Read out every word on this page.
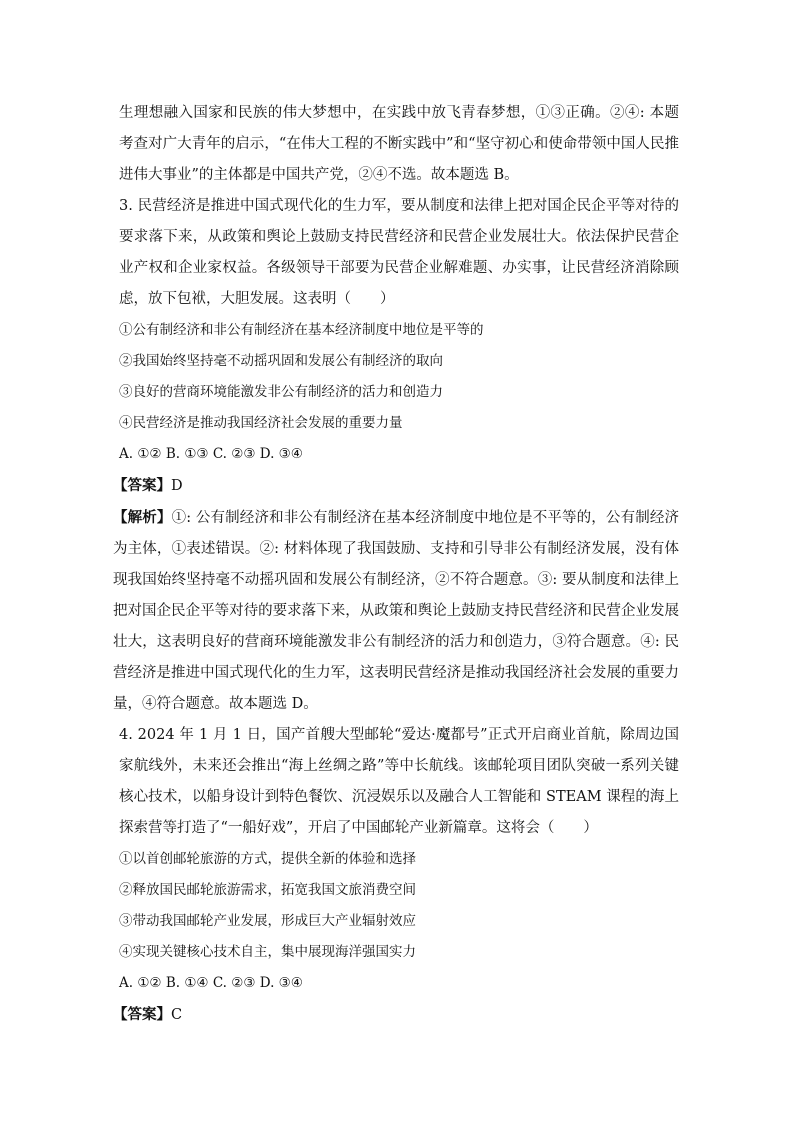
生理想融入国家和民族的伟大梦想中，在实践中放飞青春梦想，①③正确。②④: 本题考查对广大青年的启示，“在伟大工程的不断实践中”和“坚守初心和使命带领中国人民推进伟大事业”的主体都是中国共产党，②④不选。故本题选 B。

3. 民营经济是推进中国式现代化的生力军，要从制度和法律上把对国企民企平等对待的要求落下来，从政策和舆论上鼓励支持民营经济和民营企业发展壮大。依法保护民营企业产权和企业家权益。各级领导干部要为民营企业解难题、办实事，让民营经济消除顾虑，放下包袱，大胆发展。这表明（　　）

①公有制经济和非公有制经济在基本经济制度中地位是平等的

②我国始终坚持毫不动摇巩固和发展公有制经济的取向

③良好的营商环境能激发非公有制经济的活力和创造力

④民营经济是推动我国经济社会发展的重要力量

A. ①② B. ①③ C. ②③ D. ③④

【答案】D

【解析】①: 公有制经济和非公有制经济在基本经济制度中地位是不平等的，公有制经济为主体，①表述错误。②: 材料体现了我国鼓励、支持和引导非公有制经济发展，没有体现我国始终坚持毫不动摇巩固和发展公有制经济，②不符合题意。③: 要从制度和法律上把对国企民企平等对待的要求落下来，从政策和舆论上鼓励支持民营经济和民营企业发展壮大，这表明良好的营商环境能激发非公有制经济的活力和创造力，③符合题意。④: 民营经济是推进中国式现代化的生力军，这表明民营经济是推动我国经济社会发展的重要力量，④符合题意。故本题选 D。

4. 2024 年 1 月 1 日，国产首艘大型邮轮“爱达·魔都号”正式开启商业首航，除周边国家航线外，未来还会推出“海上丝绸之路”等中长航线。该邮轮项目团队突破一系列关键核心技术，以船身设计到特色餐饮、沉浸娱乐以及融合人工智能和 STEAM 课程的海上探索营等打造了“一船好戏”，开启了中国邮轮产业新篇章。这将会（　　）

①以首创邮轮旅游的方式，提供全新的体验和选择

②释放国民邮轮旅游需求，拓宽我国文旅消费空间

③带动我国邮轮产业发展，形成巨大产业辐射效应

④实现关键核心技术自主，集中展现海洋强国实力

A. ①② B. ①④ C. ②③ D. ③④

【答案】C
